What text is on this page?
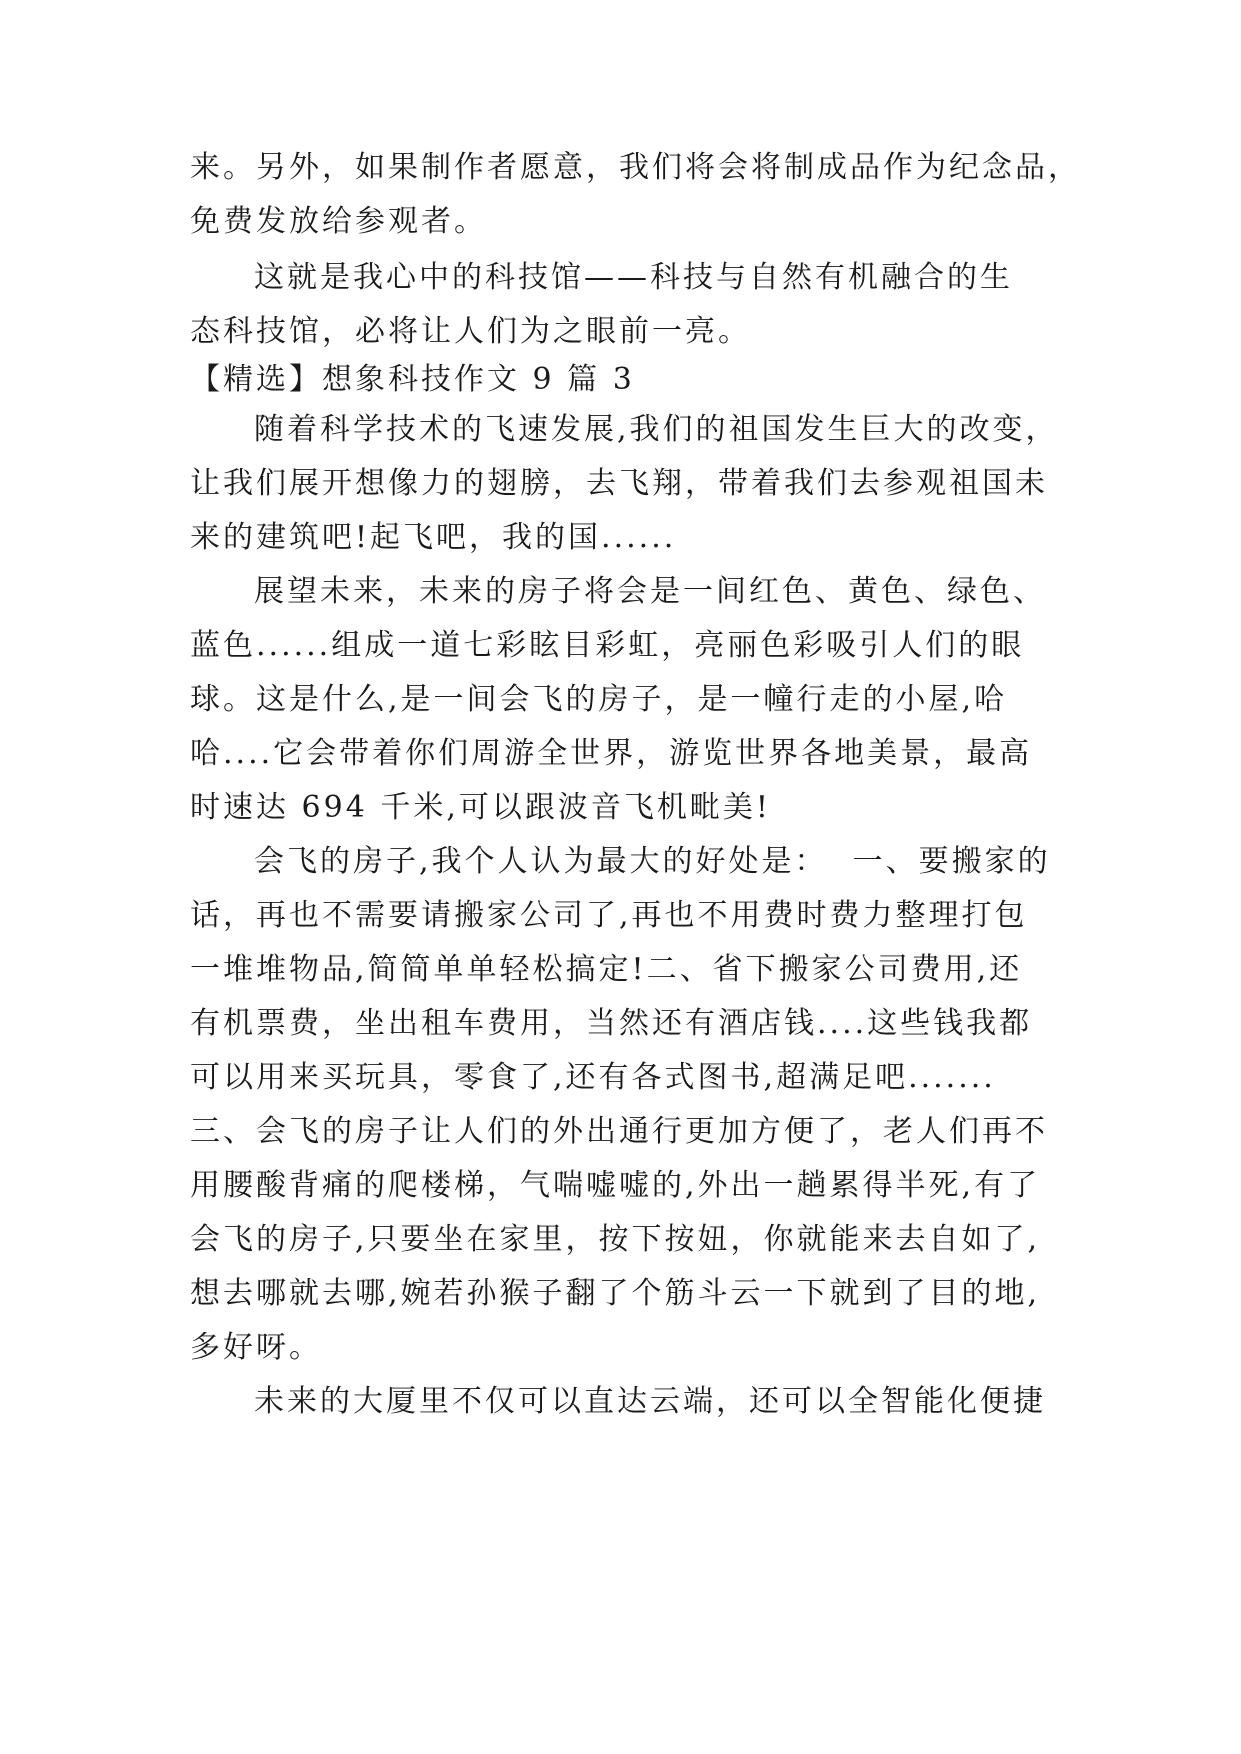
来。另外，如果制作者愿意，我们将会将制成品作为纪念品，
免费发放给参观者。
这就是我心中的科技馆——科技与自然有机融合的生
态科技馆，必将让人们为之眼前一亮。
【精选】想象科技作文 9 篇 3
随着科学技术的飞速发展,我们的祖国发生巨大的改变，
让我们展开想像力的翅膀，去飞翔，带着我们去参观祖国未
来的建筑吧!起飞吧，我的国......
展望未来，未来的房子将会是一间红色、黄色、绿色、
蓝色......组成一道七彩眩目彩虹，亮丽色彩吸引人们的眼
球。这是什么,是一间会飞的房子，是一幢行走的小屋,哈
哈....它会带着你们周游全世界，游览世界各地美景，最高
时速达 694 千米,可以跟波音飞机毗美!
会飞的房子,我个人认为最大的好处是：  一、要搬家的
话，再也不需要请搬家公司了,再也不用费时费力整理打包
一堆堆物品,简简单单轻松搞定!二、省下搬家公司费用,还
有机票费，坐出租车费用，当然还有酒店钱....这些钱我都
可以用来买玩具，零食了,还有各式图书,超满足吧.......
三、会飞的房子让人们的外出通行更加方便了，老人们再不
用腰酸背痛的爬楼梯，气喘嘘嘘的,外出一趟累得半死,有了
会飞的房子,只要坐在家里，按下按妞，你就能来去自如了,
想去哪就去哪,婉若孙猴子翻了个筋斗云一下就到了目的地,
多好呀。
未来的大厦里不仅可以直达云端，还可以全智能化便捷
